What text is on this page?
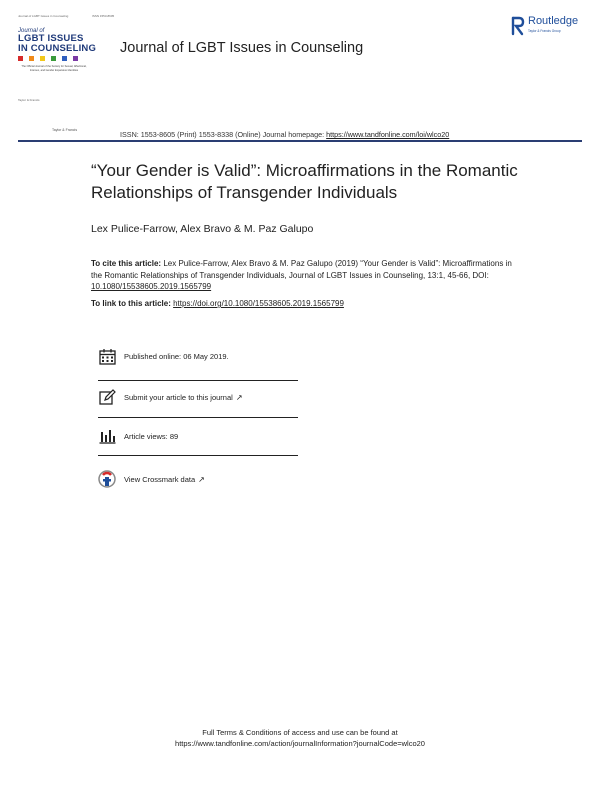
Journal of LGBT Issues in Counseling	ISSN 1553-8605
Journal of
LGBT ISSUES
IN COUNSELING
The Official Journal of the Society for Sexual, Affectional, Intersex, and Gender Expansive Identities
Taylor & Francis
Journal of LGBT Issues in Counseling
Routledge
Taylor & Francis Group
Taylor & Francis	ISSN: 1553-8605 (Print) 1553-8338 (Online) Journal homepage: https://www.tandfonline.com/loi/wlco20
“Your Gender is Valid”: Microaffirmations in the Romantic Relationships of Transgender Individuals
Lex Pulice-Farrow, Alex Bravo & M. Paz Galupo
To cite this article: Lex Pulice-Farrow, Alex Bravo & M. Paz Galupo (2019) “Your Gender is Valid”: Microaffirmations in the Romantic Relationships of Transgender Individuals, Journal of LGBT Issues in Counseling, 13:1, 45-66, DOI: 10.1080/15538605.2019.1565799
To link to this article: https://doi.org/10.1080/15538605.2019.1565799
Published online: 06 May 2019.
Submit your article to this journal ↗
Article views: 89
View Crossmark data ↗
Full Terms & Conditions of access and use can be found at
https://www.tandfonline.com/action/journalInformation?journalCode=wlco20
